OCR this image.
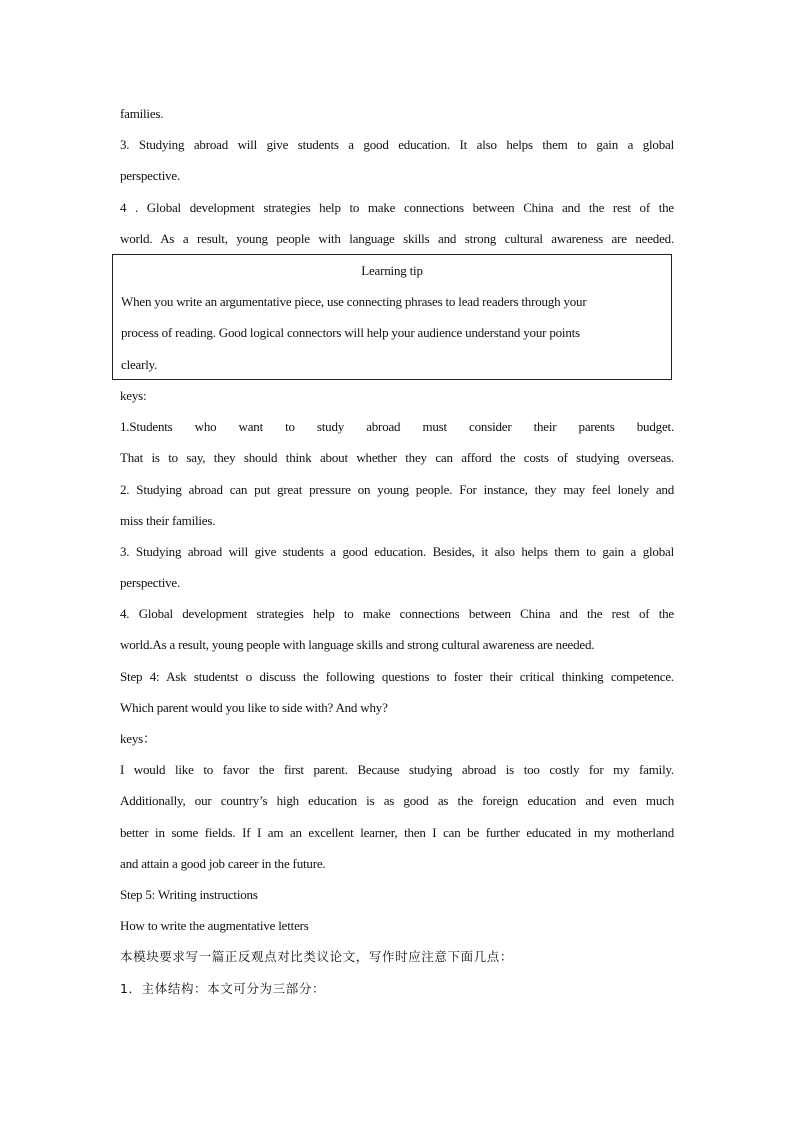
families.
3. Studying abroad will give students a good education. It also helps them to gain a global
perspective.
4 . Global development strategies help to make connections between China and the rest of the
world. As a result, young people with language skills and strong cultural awareness are needed.
Learning tip
When you write an argumentative piece, use connecting phrases to lead readers through your
process of reading. Good logical connectors will help your audience understand your points
clearly.
keys:
1.Students who want to study abroad must consider their parents budget.
That is to say, they should think about whether they can afford the costs of studying overseas.
2. Studying abroad can put great pressure on young people. For instance, they may feel lonely and
miss their families.
3. Studying abroad will give students a good education. Besides, it also helps them to gain a global
perspective.
4. Global development strategies help to make connections between China and the rest of the
world.As a result, young people with language skills and strong cultural awareness are needed.
Step 4: Ask studentst o discuss the following questions to foster their critical thinking competence.
Which parent would you like to side with? And why?
keys：
I would like to favor the first parent. Because studying abroad is too costly for my family.
Additionally, our country’s high education is as good as the foreign education and even much
better in some fields. If I am an excellent learner, then I can be further educated in my motherland
and attain a good job career in the future.
Step 5: Writing instructions
How to write the augmentative letters
本模块要求写一篇正反观点对比类议论文，写作时应注意下面几点：
1．主体结构：本文可分为三部分：
